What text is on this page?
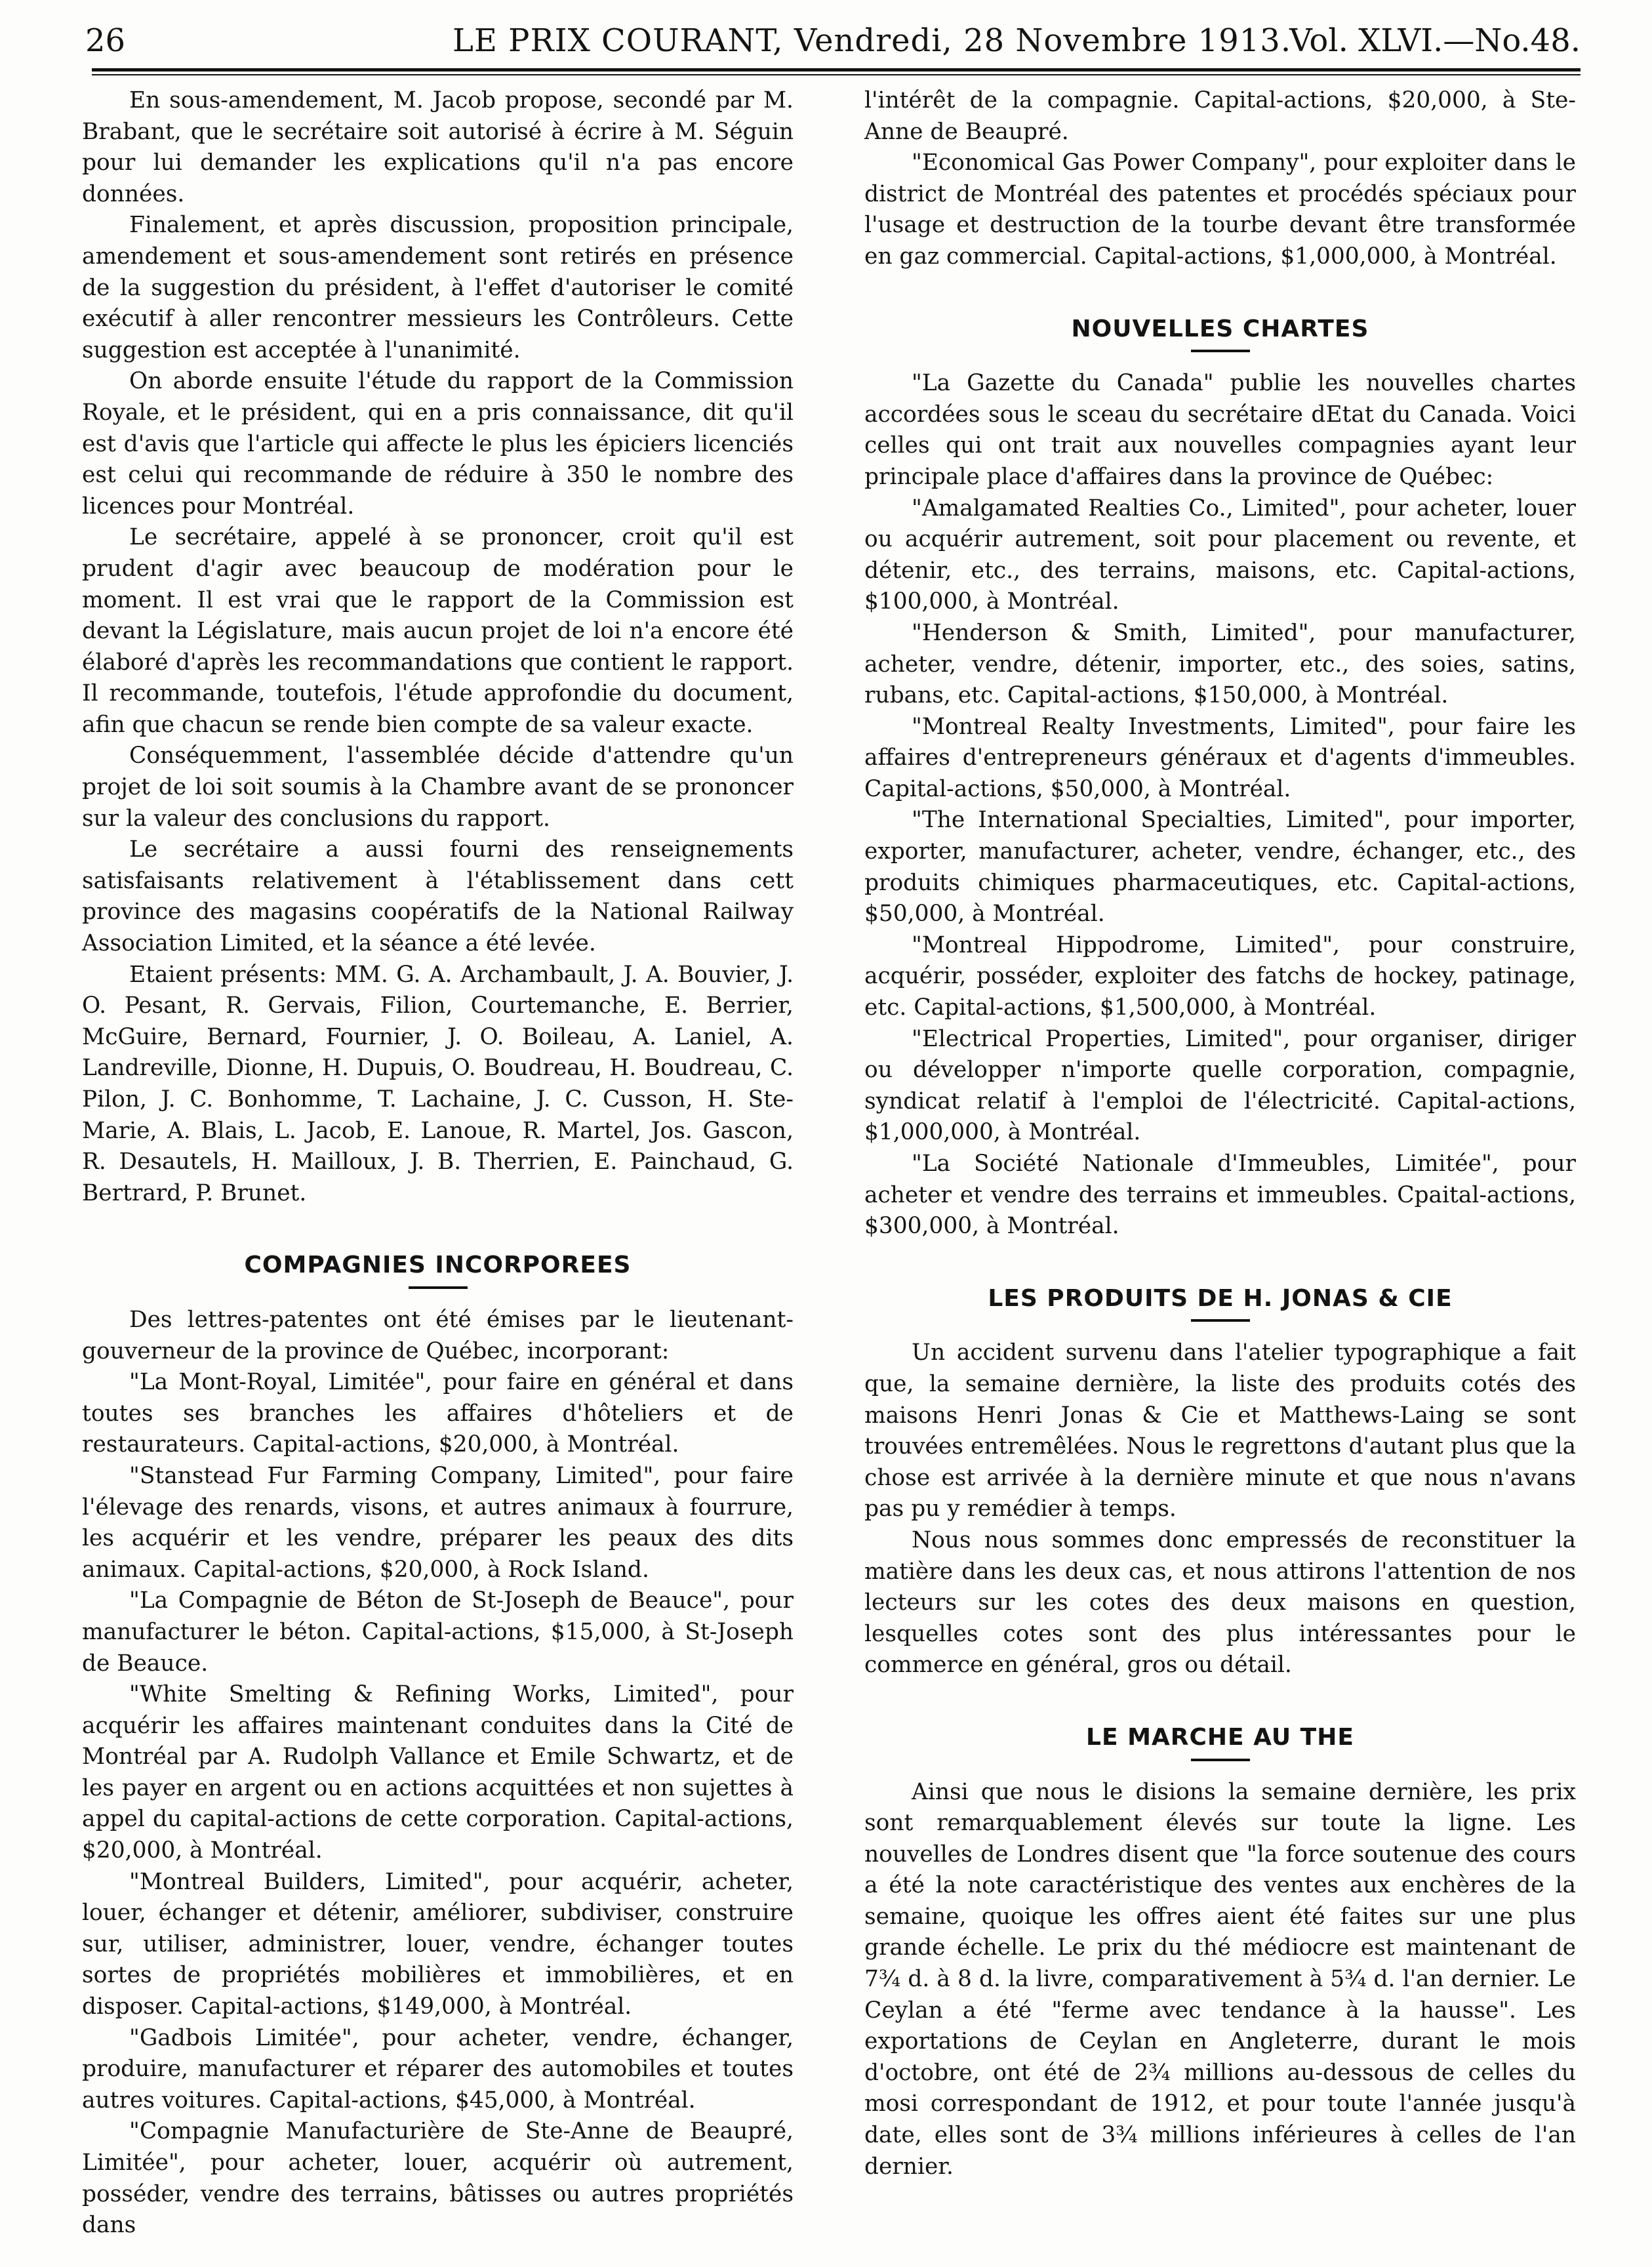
26	LE PRIX COURANT, Vendredi, 28 Novembre 1913.
Vol. XLVI.—No.48.

En sous-amendement, M. Jacob propose, secondé par M. Brabant, que le secrétaire soit autorisé à écrire à M. Séguin pour lui demander les explications qu'il n'a pas encore données.

Finalement, et après discussion, proposition principale, amendement et sous-amendement sont retirés en présence de la suggestion du président, à l'effet d'autoriser le comité exécutif à aller rencontrer messieurs les Contrôleurs. Cette suggestion est acceptée à l'unanimité.

On aborde ensuite l'étude du rapport de la Commission Royale, et le président, qui en a pris connaissance, dit qu'il est d'avis que l'article qui affecte le plus les épiciers licenciés est celui qui recommande de réduire à 350 le nombre des licences pour Montréal.

Le secrétaire, appelé à se prononcer, croit qu'il est prudent d'agir avec beaucoup de modération pour le moment. Il est vrai que le rapport de la Commission est devant la Législature, mais aucun projet de loi n'a encore été élaboré d'après les recommandations que contient le rapport. Il recommande, toutefois, l'étude approfondie du document, afin que chacun se rende bien compte de sa valeur exacte.

Conséquemment, l'assemblée décide d'attendre qu'un projet de loi soit soumis à la Chambre avant de se prononcer sur la valeur des conclusions du rapport.

Le secrétaire a aussi fourni des renseignements satisfaisants relativement à l'établissement dans cett province des magasins coopératifs de la National Railway Association Limited, et la séance a été levée.

Etaient présents: MM. G. A. Archambault, J. A. Bouvier, J. O. Pesant, R. Gervais, Filion, Courtemanche, E. Berrier, McGuire, Bernard, Fournier, J. O. Boileau, A. Laniel, A. Landreville, Dionne, H. Dupuis, O. Boudreau, H. Boudreau, C. Pilon, J. C. Bonhomme, T. Lachaine, J. C. Cusson, H. Ste-Marie, A. Blais, L. Jacob, E. Lanoue, R. Martel, Jos. Gascon, R. Desautels, H. Mailloux, J. B. Therrien, E. Painchaud, G. Bertrard, P. Brunet.

COMPAGNIES INCORPOREES

Des lettres-patentes ont été émises par le lieutenant-gouverneur de la province de Québec, incorporant:

"La Mont-Royal, Limitée", pour faire en général et dans toutes ses branches les affaires d'hôteliers et de restaurateurs. Capital-actions, $20,000, à Montréal.

"Stanstead Fur Farming Company, Limited", pour faire l'élevage des renards, visons, et autres animaux à fourrure, les acquérir et les vendre, préparer les peaux des dits animaux. Capital-actions, $20,000, à Rock Island.

"La Compagnie de Béton de St-Joseph de Beauce", pour manufacturer le béton. Capital-actions, $15,000, à St-Joseph de Beauce.

"White Smelting & Refining Works, Limited", pour acquérir les affaires maintenant conduites dans la Cité de Montréal par A. Rudolph Vallance et Emile Schwartz, et de les payer en argent ou en actions acquittées et non sujettes à appel du capital-actions de cette corporation. Capital-actions, $20,000, à Montréal.

"Montreal Builders, Limited", pour acquérir, acheter, louer, échanger et détenir, améliorer, subdiviser, construire sur, utiliser, administrer, louer, vendre, échanger toutes sortes de propriétés mobilières et immobilières, et en disposer. Capital-actions, $149,000, à Montréal.

"Gadbois Limitée", pour acheter, vendre, échanger, produire, manufacturer et réparer des automobiles et toutes autres voitures. Capital-actions, $45,000, à Montréal.

"Compagnie Manufacturière de Ste-Anne de Beaupré, Limitée", pour acheter, louer, acquérir où autrement, posséder, vendre des terrains, bâtisses ou autres propriétés dans

l'intérêt de la compagnie. Capital-actions, $20,000, à Ste-Anne de Beaupré.

"Economical Gas Power Company", pour exploiter dans le district de Montréal des patentes et procédés spéciaux pour l'usage et destruction de la tourbe devant être transformée en gaz commercial. Capital-actions, $1,000,000, à Montréal.

NOUVELLES CHARTES

"La Gazette du Canada" publie les nouvelles chartes accordées sous le sceau du secrétaire dEtat du Canada. Voici celles qui ont trait aux nouvelles compagnies ayant leur principale place d'affaires dans la province de Québec:

"Amalgamated Realties Co., Limited", pour acheter, louer ou acquérir autrement, soit pour placement ou revente, et détenir, etc., des terrains, maisons, etc. Capital-actions, $100,000, à Montréal.

"Henderson & Smith, Limited", pour manufacturer, acheter, vendre, détenir, importer, etc., des soies, satins, rubans, etc. Capital-actions, $150,000, à Montréal.

"Montreal Realty Investments, Limited", pour faire les affaires d'entrepreneurs généraux et d'agents d'immeubles. Capital-actions, $50,000, à Montréal.

"The International Specialties, Limited", pour importer, exporter, manufacturer, acheter, vendre, échanger, etc., des produits chimiques pharmaceutiques, etc. Capital-actions, $50,000, à Montréal.

"Montreal Hippodrome, Limited", pour construire, acquérir, posséder, exploiter des fatchs de hockey, patinage, etc. Capital-actions, $1,500,000, à Montréal.

"Electrical Properties, Limited", pour organiser, diriger ou développer n'importe quelle corporation, compagnie, syndicat relatif à l'emploi de l'électricité. Capital-actions, $1,000,000, à Montréal.

"La Société Nationale d'Immeubles, Limitée", pour acheter et vendre des terrains et immeubles. Cpaital-actions, $300,000, à Montréal.

LES PRODUITS DE H. JONAS & CIE

Un accident survenu dans l'atelier typographique a fait que, la semaine dernière, la liste des produits cotés des maisons Henri Jonas & Cie et Matthews-Laing se sont trouvées entremêlées. Nous le regrettons d'autant plus que la chose est arrivée à la dernière minute et que nous n'avans pas pu y remédier à temps.

Nous nous sommes donc empressés de reconstituer la matière dans les deux cas, et nous attirons l'attention de nos lecteurs sur les cotes des deux maisons en question, lesquelles cotes sont des plus intéressantes pour le commerce en général, gros ou détail.

LE MARCHE AU THE

Ainsi que nous le disions la semaine dernière, les prix sont remarquablement élevés sur toute la ligne. Les nouvelles de Londres disent que "la force soutenue des cours a été la note caractéristique des ventes aux enchères de la semaine, quoique les offres aient été faites sur une plus grande échelle. Le prix du thé médiocre est maintenant de 7¾ d. à 8 d. la livre, comparativement à 5¾ d. l'an dernier. Le Ceylan a été "ferme avec tendance à la hausse". Les exportations de Ceylan en Angleterre, durant le mois d'octobre, ont été de 2¾ millions au-dessous de celles du mosi correspondant de 1912, et pour toute l'année jusqu'à date, elles sont de 3¾ millions inférieures à celles de l'an dernier.
